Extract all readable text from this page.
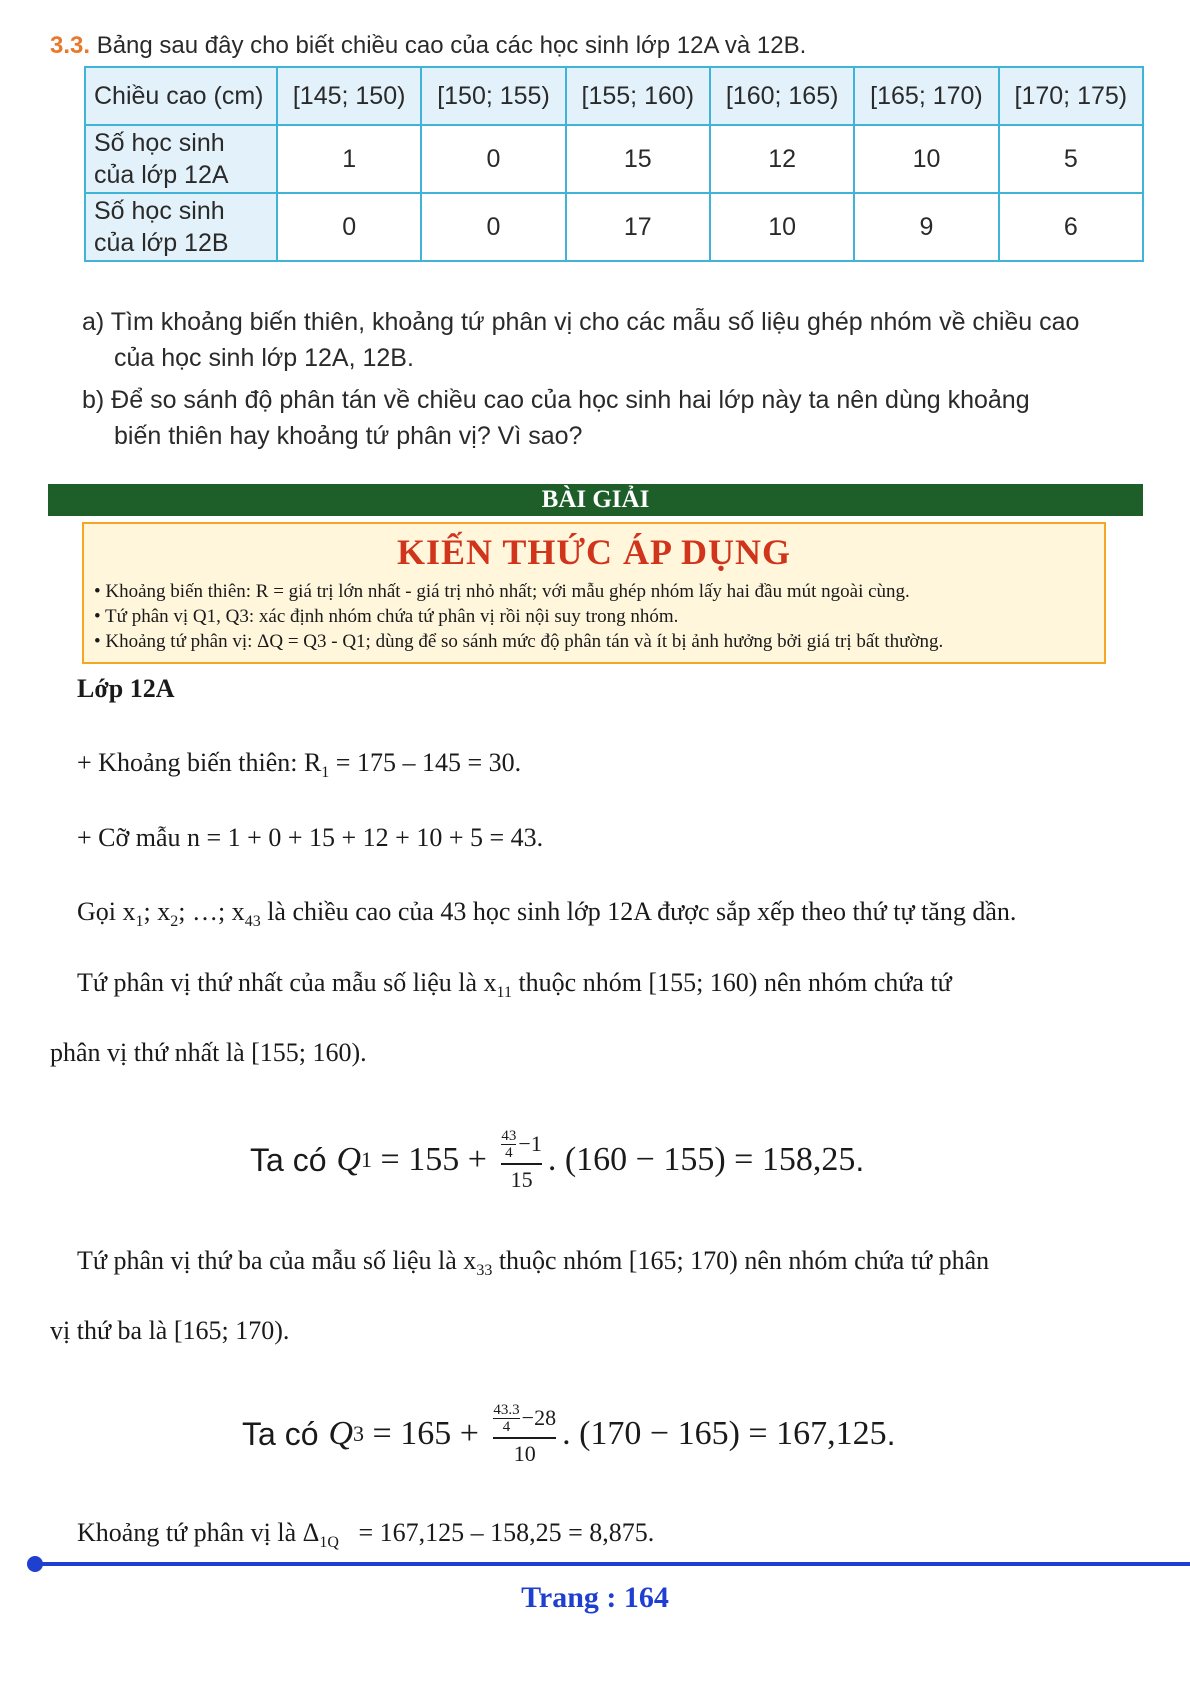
3.3. Bảng sau đây cho biết chiều cao của các học sinh lớp 12A và 12B.
Chiều cao (cm)	[145; 150)	[150; 155)	[155; 160)	[160; 165)	[165; 170)	[170; 175)

Số học sinh
của lớp 12A	1	0	15	12	10	5

Số học sinh
của lớp 12B	0	0	17	10	9	6
a) Tìm khoảng biến thiên, khoảng tứ phân vị cho các mẫu số liệu ghép nhóm về chiều cao
của học sinh lớp 12A, 12B.
b) Để so sánh độ phân tán về chiều cao của học sinh hai lớp này ta nên dùng khoảng
biến thiên hay khoảng tứ phân vị? Vì sao?
BÀI GIẢI
KIẾN THỨC ÁP DỤNG
• Khoảng biến thiên: R = giá trị lớn nhất - giá trị nhỏ nhất; với mẫu ghép nhóm lấy hai đầu mút ngoài cùng.
• Tứ phân vị Q1, Q3: xác định nhóm chứa tứ phân vị rồi nội suy trong nhóm.
• Khoảng tứ phân vị: ΔQ = Q3 - Q1; dùng để so sánh mức độ phân tán và ít bị ảnh hưởng bởi giá trị bất thường.
Lớp 12A
+ Khoảng biến thiên: $R_1 = 175 - 145 = 30$.
+ Cỡ mẫu n = 1 + 0 + 15 + 12 + 10 + 5 = 43.
Gọi $x_1$; $x_2$; …; $x_{43}$ là chiều cao của 43 học sinh lớp 12A được sắp xếp theo thứ tự tăng dần.
Tứ phân vị thứ nhất của mẫu số liệu là $x_{11}$ thuộc nhóm [155; 160) nên nhóm chứa tứ
phân vị thứ nhất là [155; 160).
Ta có Q 1 = 155 + 43
4 −1
15 . (160 − 155) = 158,25 .
Tứ phân vị thứ ba của mẫu số liệu là $x_{33}$ thuộc nhóm [165; 170) nên nhóm chứa tứ phân
vị thứ ba là [165; 170).
Ta có Q 3 = 165 + 43.3
4 −28
10 . (170 − 165) = 167,125 .
Khoảng tứ phân vị là $\Delta_{1Q} = 167,125 - 158,25 = 8,875$.
Trang : 164
